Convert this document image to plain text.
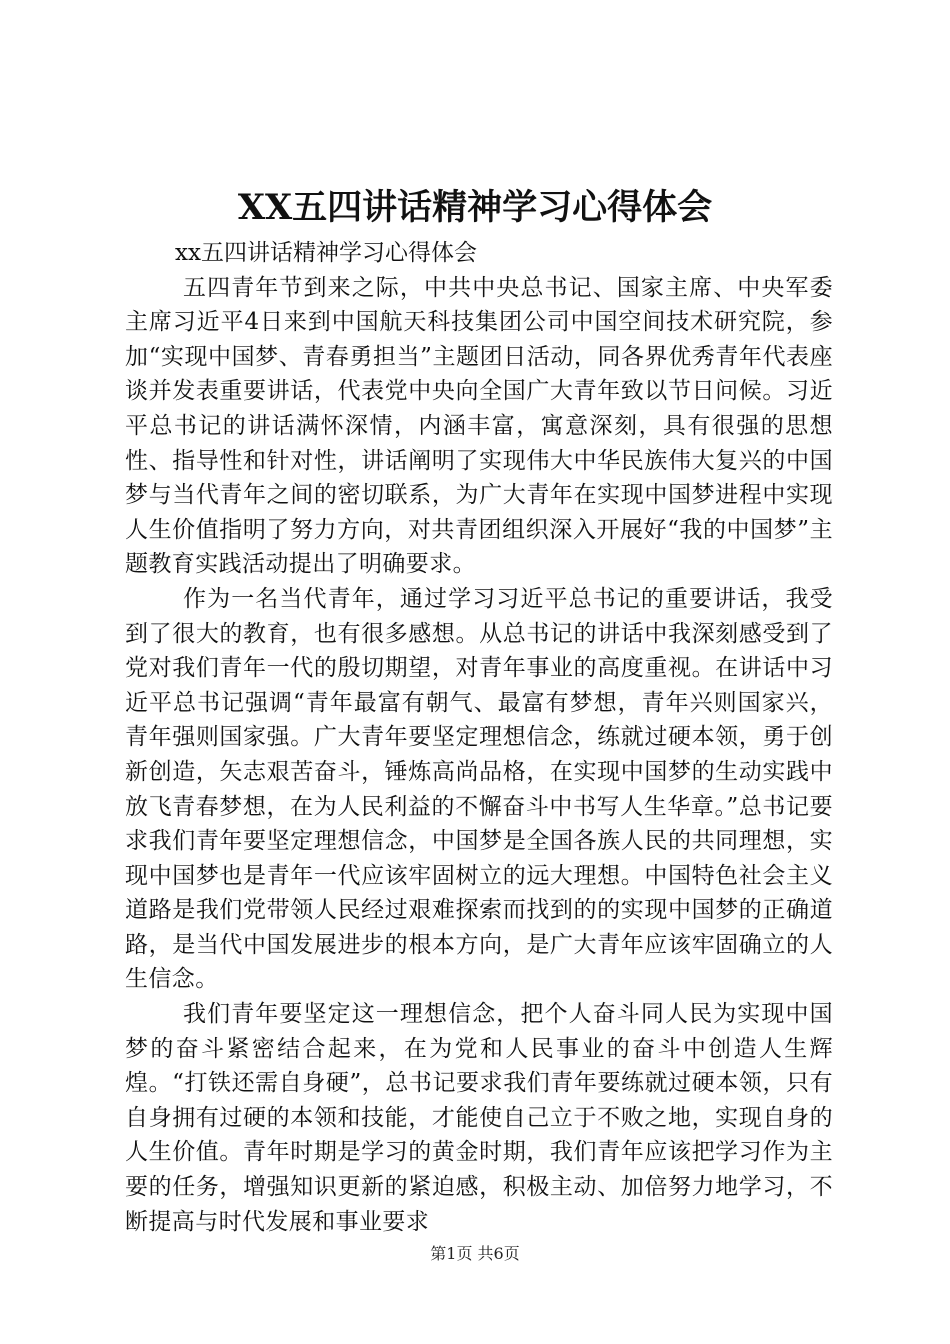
XX五四讲话精神学习心得体会

xx五四讲话精神学习心得体会

五四青年节到来之际，中共中央总书记、国家主席、中央军委主席习近平4日来到中国航天科技集团公司中国空间技术研究院，参加“实现中国梦、青春勇担当”主题团日活动，同各界优秀青年代表座谈并发表重要讲话，代表党中央向全国广大青年致以节日问候。习近平总书记的讲话满怀深情，内涵丰富，寓意深刻，具有很强的思想性、指导性和针对性，讲话阐明了实现伟大中华民族伟大复兴的中国梦与当代青年之间的密切联系，为广大青年在实现中国梦进程中实现人生价值指明了努力方向，对共青团组织深入开展好“我的中国梦”主题教育实践活动提出了明确要求。

作为一名当代青年，通过学习习近平总书记的重要讲话，我受到了很大的教育，也有很多感想。从总书记的讲话中我深刻感受到了党对我们青年一代的殷切期望，对青年事业的高度重视。在讲话中习近平总书记强调“青年最富有朝气、最富有梦想，青年兴则国家兴，青年强则国家强。广大青年要坚定理想信念，练就过硬本领，勇于创新创造，矢志艰苦奋斗，锤炼高尚品格，在实现中国梦的生动实践中放飞青春梦想，在为人民利益的不懈奋斗中书写人生华章。”总书记要求我们青年要坚定理想信念，中国梦是全国各族人民的共同理想，实现中国梦也是青年一代应该牢固树立的远大理想。中国特色社会主义道路是我们党带领人民经过艰难探索而找到的的实现中国梦的正确道路，是当代中国发展进步的根本方向，是广大青年应该牢固确立的人生信念。

我们青年要坚定这一理想信念，把个人奋斗同人民为实现中国梦的奋斗紧密结合起来，在为党和人民事业的奋斗中创造人生辉煌。“打铁还需自身硬”，总书记要求我们青年要练就过硬本领，只有自身拥有过硬的本领和技能，才能使自己立于不败之地，实现自身的人生价值。青年时期是学习的黄金时期，我们青年应该把学习作为主要的任务，增强知识更新的紧迫感，积极主动、加倍努力地学习，不断提高与时代发展和事业要求

第1页 共6页
